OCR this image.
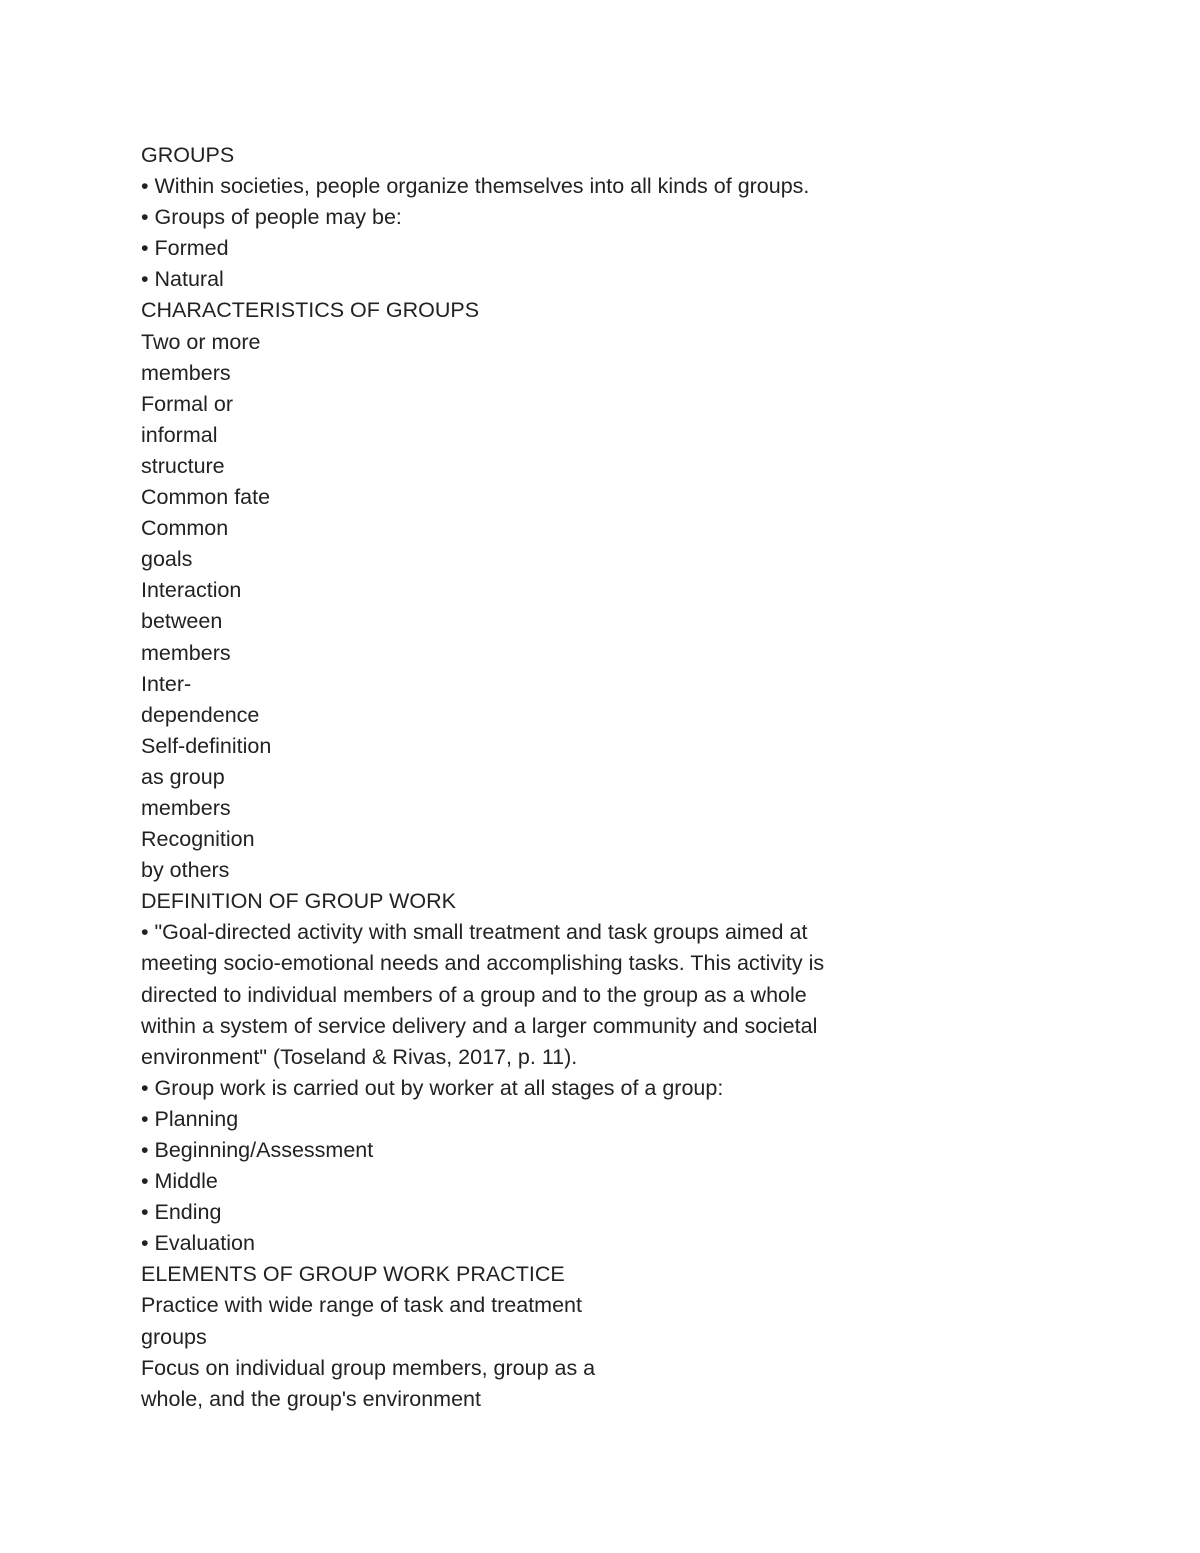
GROUPS
• Within societies, people organize themselves into all kinds of groups.
• Groups of people may be:
• Formed
• Natural
CHARACTERISTICS OF GROUPS
Two or more
members
Formal or
informal
structure
Common fate
Common
goals
Interaction
between
members
Inter-
dependence
Self-definition
as group
members
Recognition
by others
DEFINITION OF GROUP WORK
• "Goal-directed activity with small treatment and task groups aimed at
meeting socio-emotional needs and accomplishing tasks. This activity is
directed to individual members of a group and to the group as a whole
within a system of service delivery and a larger community and societal
environment" (Toseland & Rivas, 2017, p. 11).
• Group work is carried out by worker at all stages of a group:
• Planning
• Beginning/Assessment
• Middle
• Ending
• Evaluation
ELEMENTS OF GROUP WORK PRACTICE
Practice with wide range of task and treatment
groups
Focus on individual group members, group as a
whole, and the group's environment
